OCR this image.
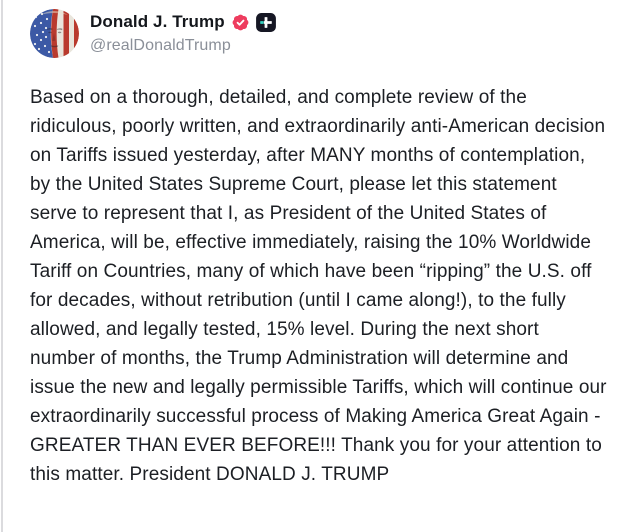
Donald J. Trump
@realDonaldTrump
Based on a thorough, detailed, and complete review of the ridiculous, poorly written, and extraordinarily anti-American decision on Tariffs issued yesterday, after MANY months of contemplation, by the United States Supreme Court, please let this statement serve to represent that I, as President of the United States of America, will be, effective immediately, raising the 10% Worldwide Tariff on Countries, many of which have been “ripping” the U.S. off for decades, without retribution (until I came along!), to the fully allowed, and legally tested, 15% level. During the next short number of months, the Trump Administration will determine and issue the new and legally permissible Tariffs, which will continue our extraordinarily successful process of Making America Great Again - GREATER THAN EVER BEFORE!!! Thank you for your attention to this matter. President DONALD J. TRUMP
